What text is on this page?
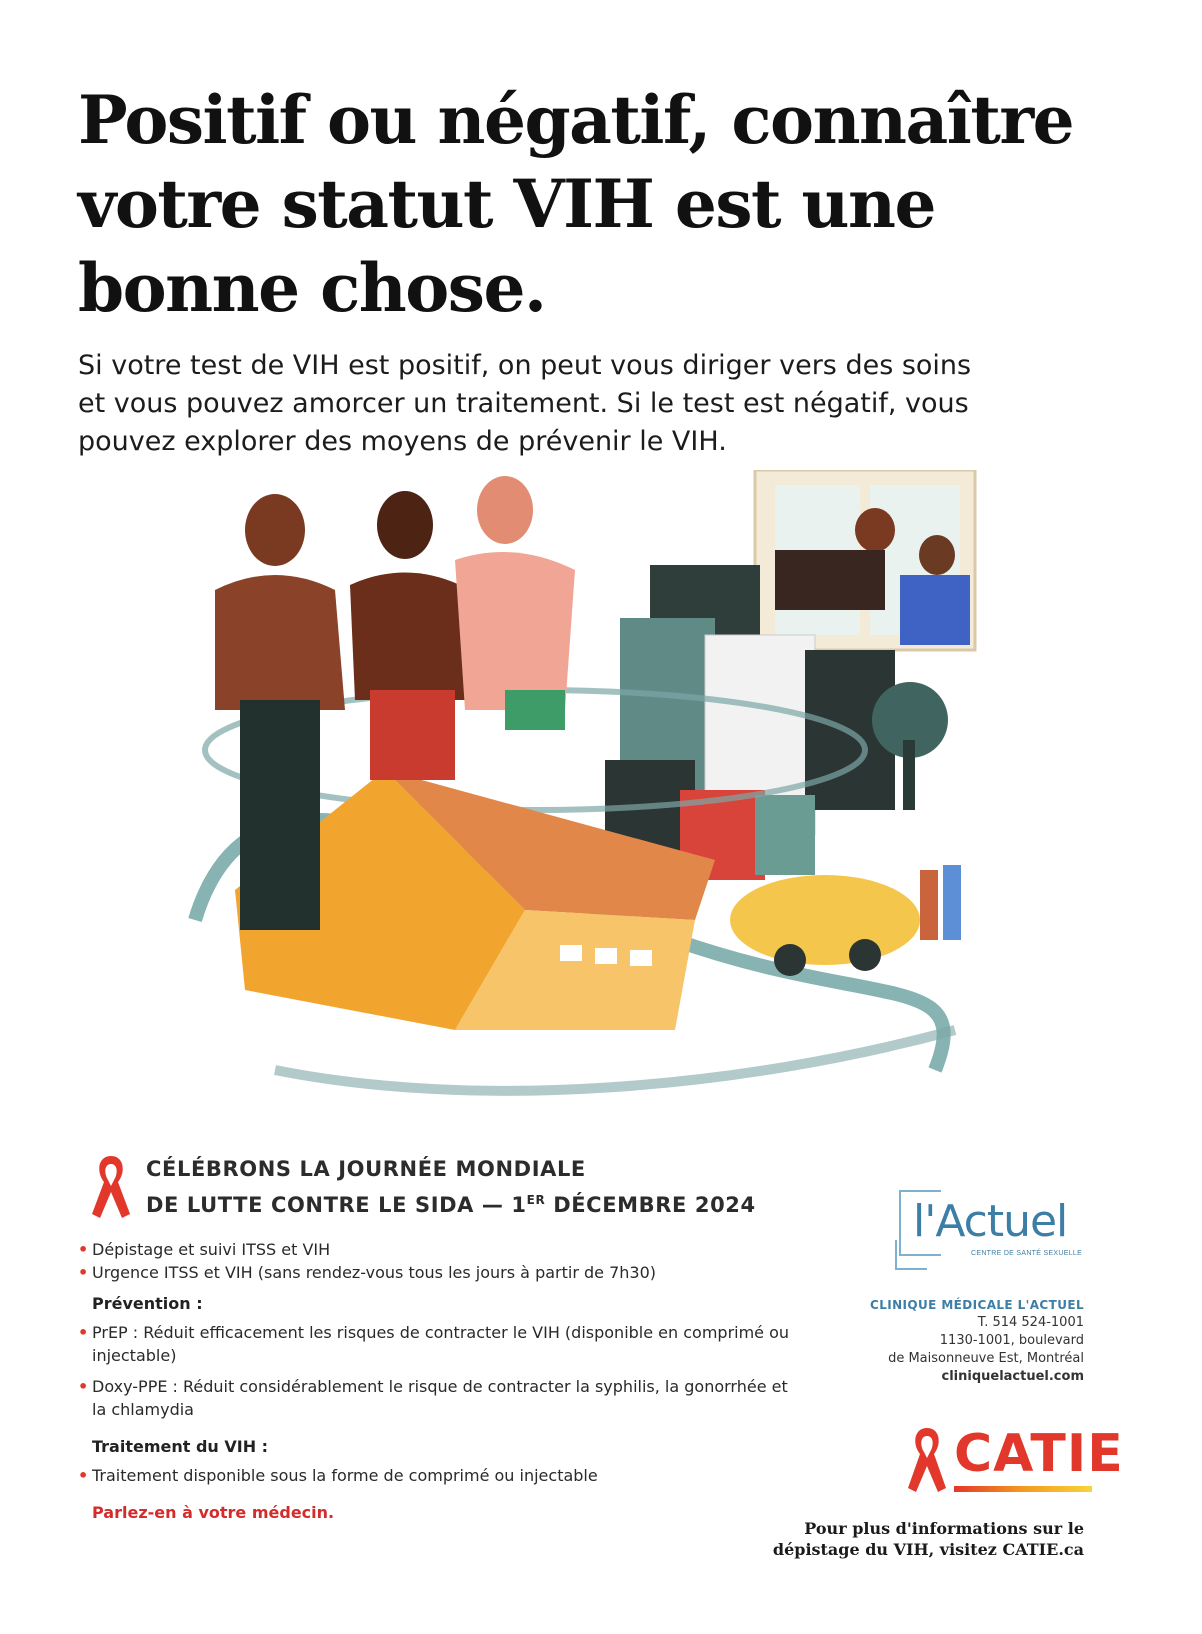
Positif ou négatif, connaître votre statut VIH est une bonne chose.

Si votre test de VIH est positif, on peut vous diriger vers des soins et vous pouvez amorcer un traitement. Si le test est négatif, vous pouvez explorer des moyens de prévenir le VIH.

CÉLÉBRONS LA JOURNÉE MONDIALE
DE LUTTE CONTRE LE SIDA — 1ER DÉCEMBRE 2024

• Dépistage et suivi ITSS et VIH
• Urgence ITSS et VIH (sans rendez-vous tous les jours à partir de 7h30)
Prévention :
• PrEP : Réduit efficacement les risques de contracter le VIH (disponible en comprimé ou injectable)
• Doxy-PPE : Réduit considérablement le risque de contracter la syphilis, la gonorrhée et la chlamydia
Traitement du VIH :
• Traitement disponible sous la forme de comprimé ou injectable
Parlez-en à votre médecin.

l'Actuel

CENTRE DE SANTÉ SEXUELLE
CLINIQUE MÉDICALE L'ACTUEL
T. 514 524-1001
1130-1001, boulevard
de Maisonneuve Est, Montréal
cliniquelactuel.com

CATIE

Pour plus d'informations sur le dépistage du VIH, visitez CATIE.ca
